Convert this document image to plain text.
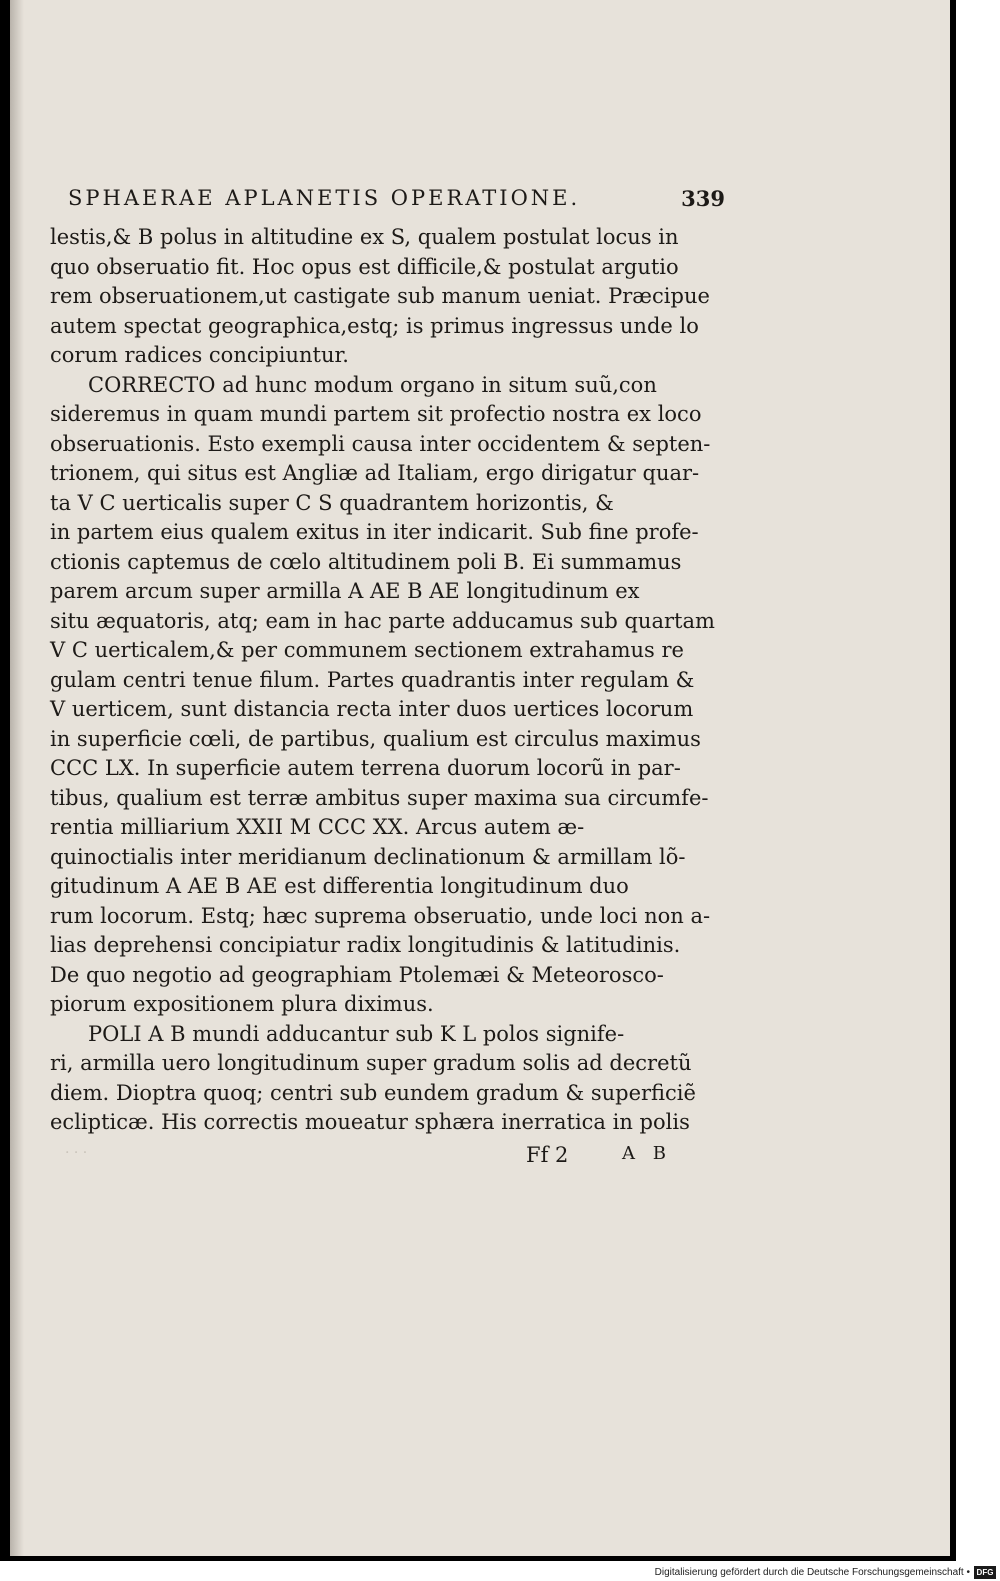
SPHAERAE APLANETIS OPERATIONE.	339
lestis,& B polus in altitudine ex S, qualem postulat locus in
quo obseruatio fit. Hoc opus est difficile,& postulat argutio
rem obseruationem,ut castigate sub manum ueniat. Præcipue
autem spectat geographica,estq; is primus ingressus unde lo
corum radices concipiuntur.
CORRECTO ad hunc modum organo in situm suũ,con
sideremus in quam mundi partem sit profectio nostra ex loco
obseruationis. Esto exempli causa inter occidentem & septen-
trionem, qui situs est Angliæ ad Italiam, ergo dirigatur quar-
ta V C uerticalis super C S quadrantem horizontis, &
in partem eius qualem exitus in iter indicarit. Sub fine profe-
ctionis captemus de cœlo altitudinem poli B. Ei summamus
parem arcum super armilla A AE B AE longitudinum ex
situ æquatoris, atq; eam in hac parte adducamus sub quartam
V C uerticalem,& per communem sectionem extrahamus re
gulam centri tenue filum. Partes quadrantis inter regulam &
V uerticem, sunt distancia recta inter duos uertices locorum
in superficie cœli, de partibus, qualium est circulus maximus
CCC LX. In superficie autem terrena duorum locorũ in par-
tibus, qualium est terræ ambitus super maxima sua circumfe-
rentia milliarium XXII M CCC XX. Arcus autem æ-
quinoctialis inter meridianum declinationum & armillam lõ-
gitudinum A AE B AE est differentia longitudinum duo
rum locorum. Estq; hæc suprema obseruatio, unde loci non a-
lias deprehensi concipiatur radix longitudinis & latitudinis.
De quo negotio ad geographiam Ptolemæi & Meteoroscо-
piorum expositionem plura diximus.
POLI A B mundi adducantur sub K L polos signife-
ri, armilla uero longitudinum super gradum solis ad decretũ
diem. Dioptra quoq; centri sub eundem gradum & superficiẽ
eclipticæ. His correctis moueatur sphæra inerratica in polis
· · ·	Ff 2	A B
Digitalisierung gefördert durch die Deutsche Forschungsgemeinschaft • DFG
